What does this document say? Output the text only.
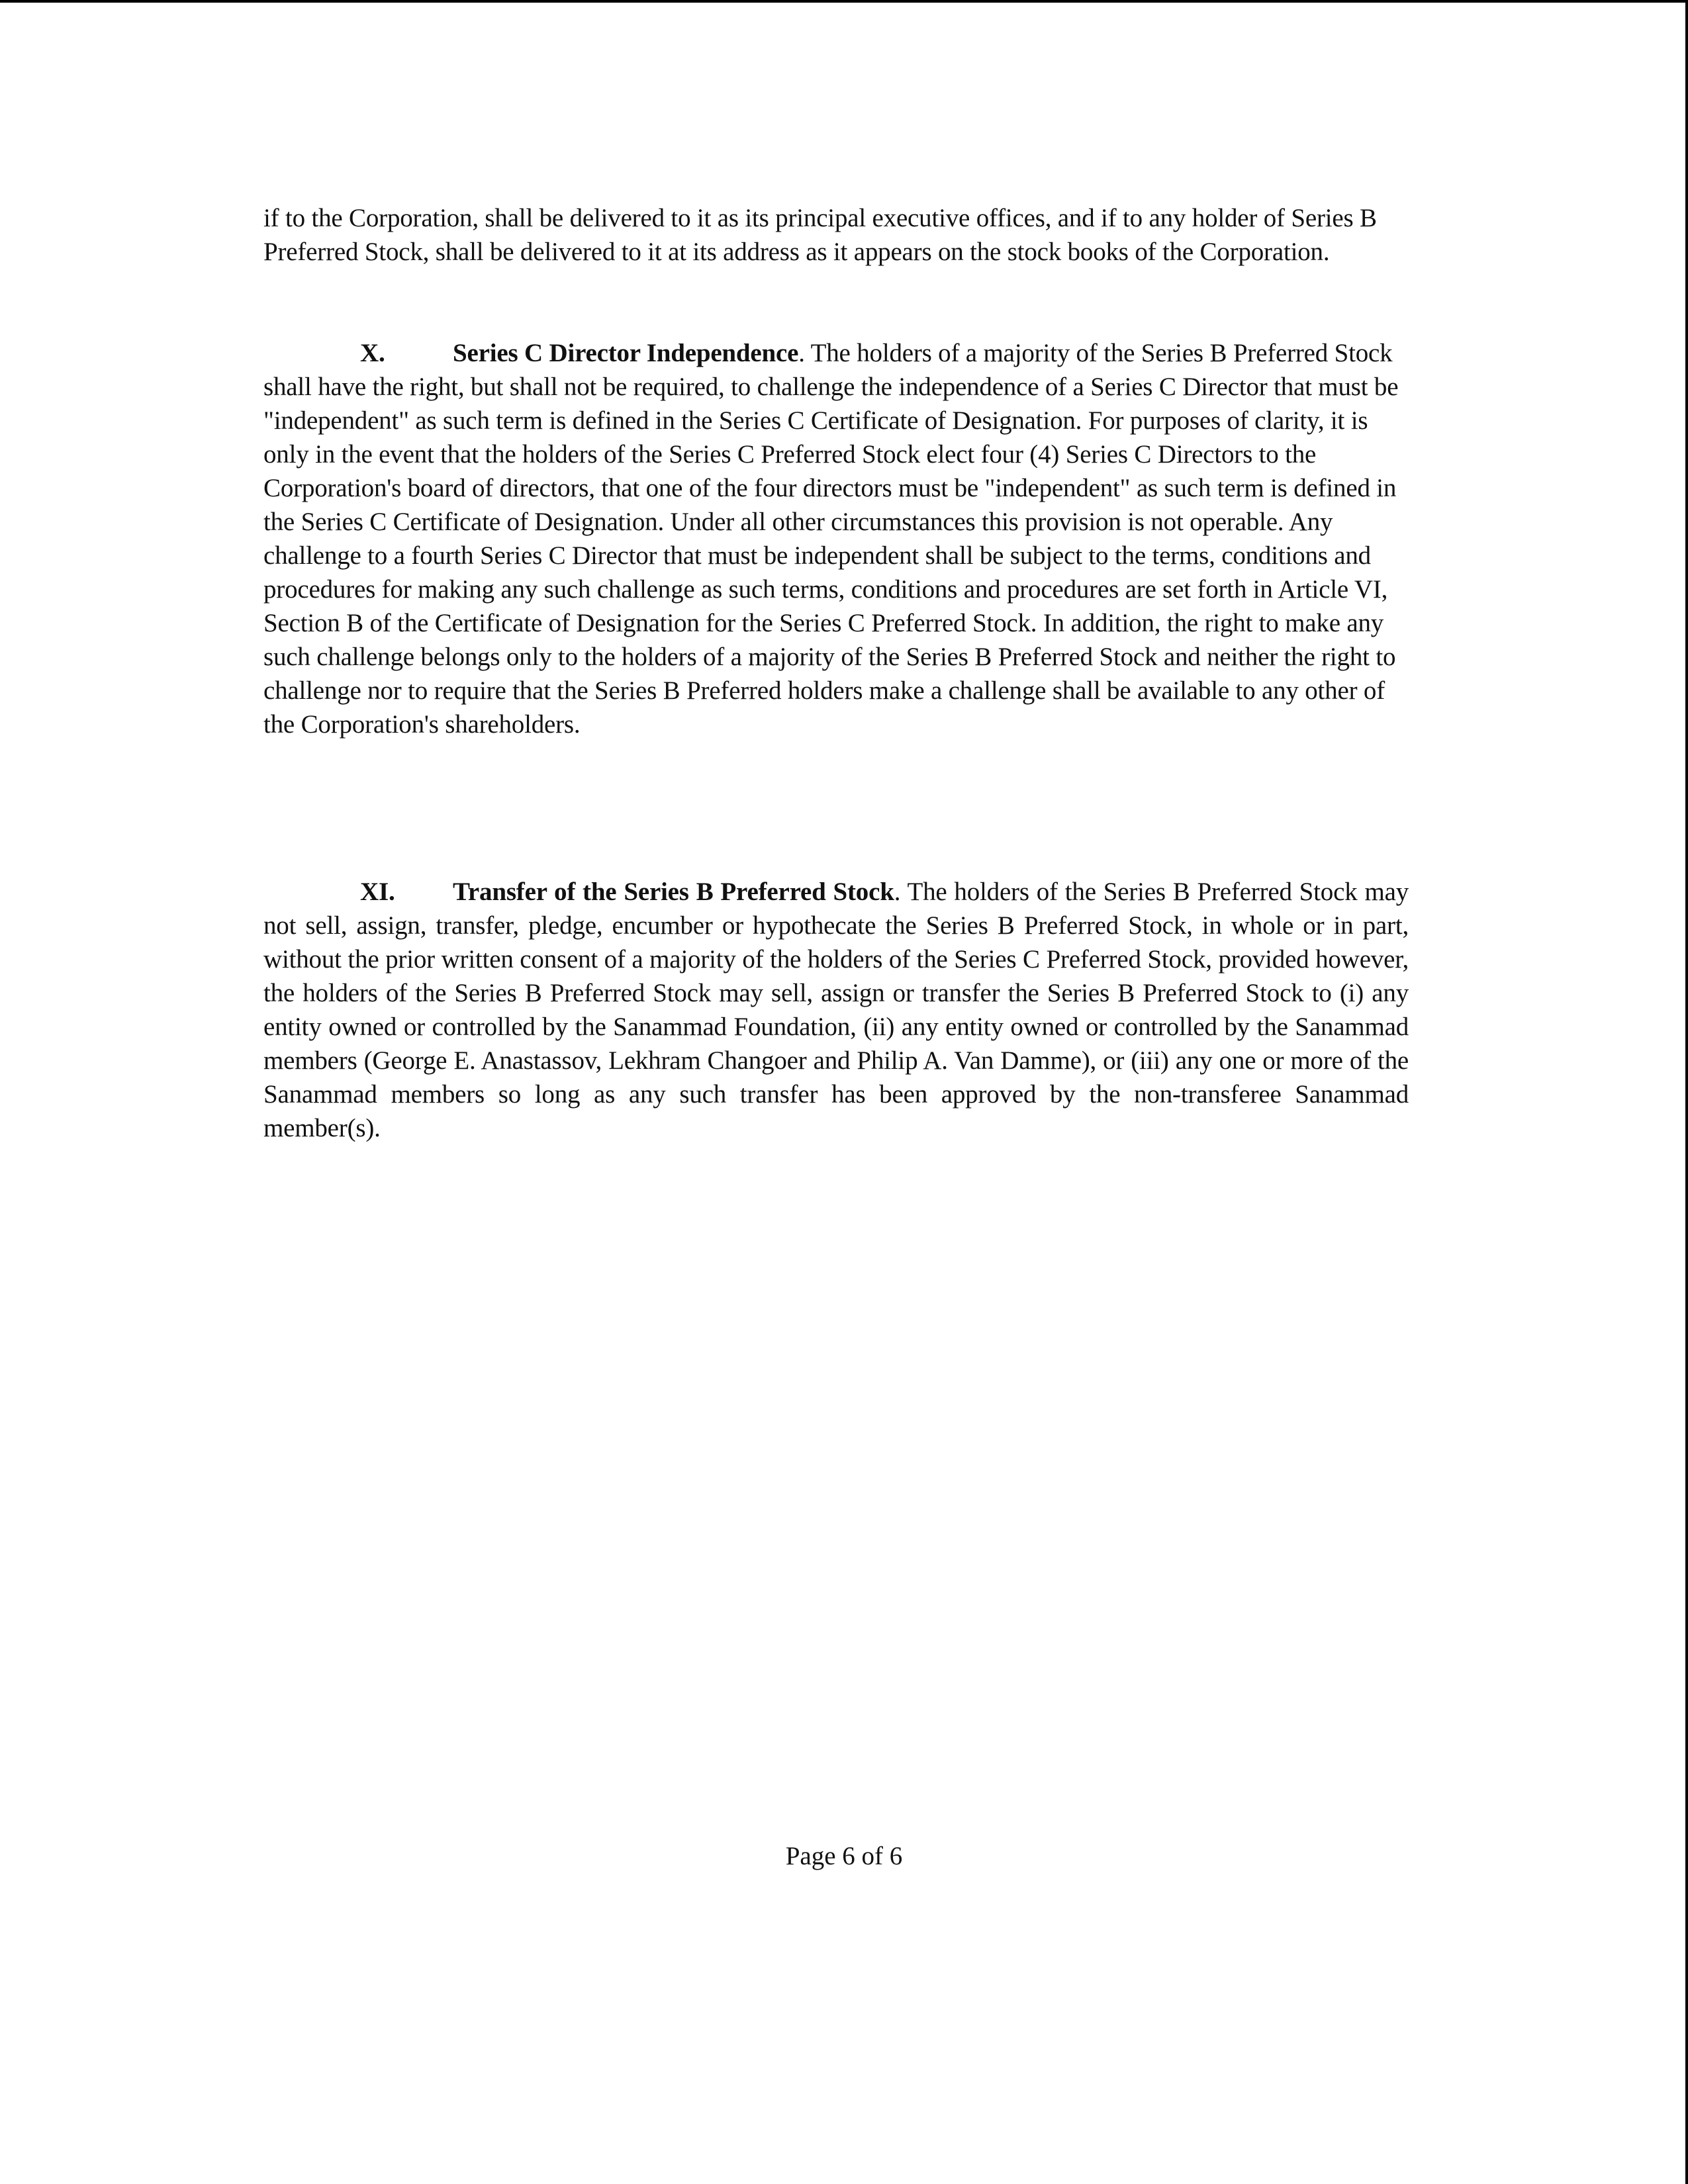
if to the Corporation, shall be delivered to it as its principal executive offices, and if to any holder of Series B Preferred Stock, shall be delivered to it at its address as it appears on the stock books of the Corporation.

X.	Series C Director Independence. The holders of a majority of the Series B Preferred Stock shall have the right, but shall not be required, to challenge the independence of a Series C Director that must be "independent" as such term is defined in the Series C Certificate of Designation. For purposes of clarity, it is only in the event that the holders of the Series C Preferred Stock elect four (4) Series C Directors to the Corporation's board of directors, that one of the four directors must be "independent" as such term is defined in the Series C Certificate of Designation. Under all other circumstances this provision is not operable. Any challenge to a fourth Series C Director that must be independent shall be subject to the terms, conditions and procedures for making any such challenge as such terms, conditions and procedures are set forth in Article VI, Section B of the Certificate of Designation for the Series C Preferred Stock. In addition, the right to make any such challenge belongs only to the holders of a majority of the Series B Preferred Stock and neither the right to challenge nor to require that the Series B Preferred holders make a challenge shall be available to any other of the Corporation's shareholders.

XI. Transfer of the Series B Preferred Stock. The holders of the Series B Preferred Stock may not sell, assign, transfer, pledge, encumber or hypothecate the Series B Preferred Stock, in whole or in part, without the prior written consent of a majority of the holders of the Series C Preferred Stock, provided however, the holders of the Series B Preferred Stock may sell, assign or transfer the Series B Preferred Stock to (i) any entity owned or controlled by the Sanammad Foundation, (ii) any entity owned or controlled by the Sanammad members (George E. Anastassov, Lekhram Changoer and Philip A. Van Damme), or (iii) any one or more of the Sanammad members so long as any such transfer has been approved by the non-transferee Sanammad member(s).

Page 6 of 6
